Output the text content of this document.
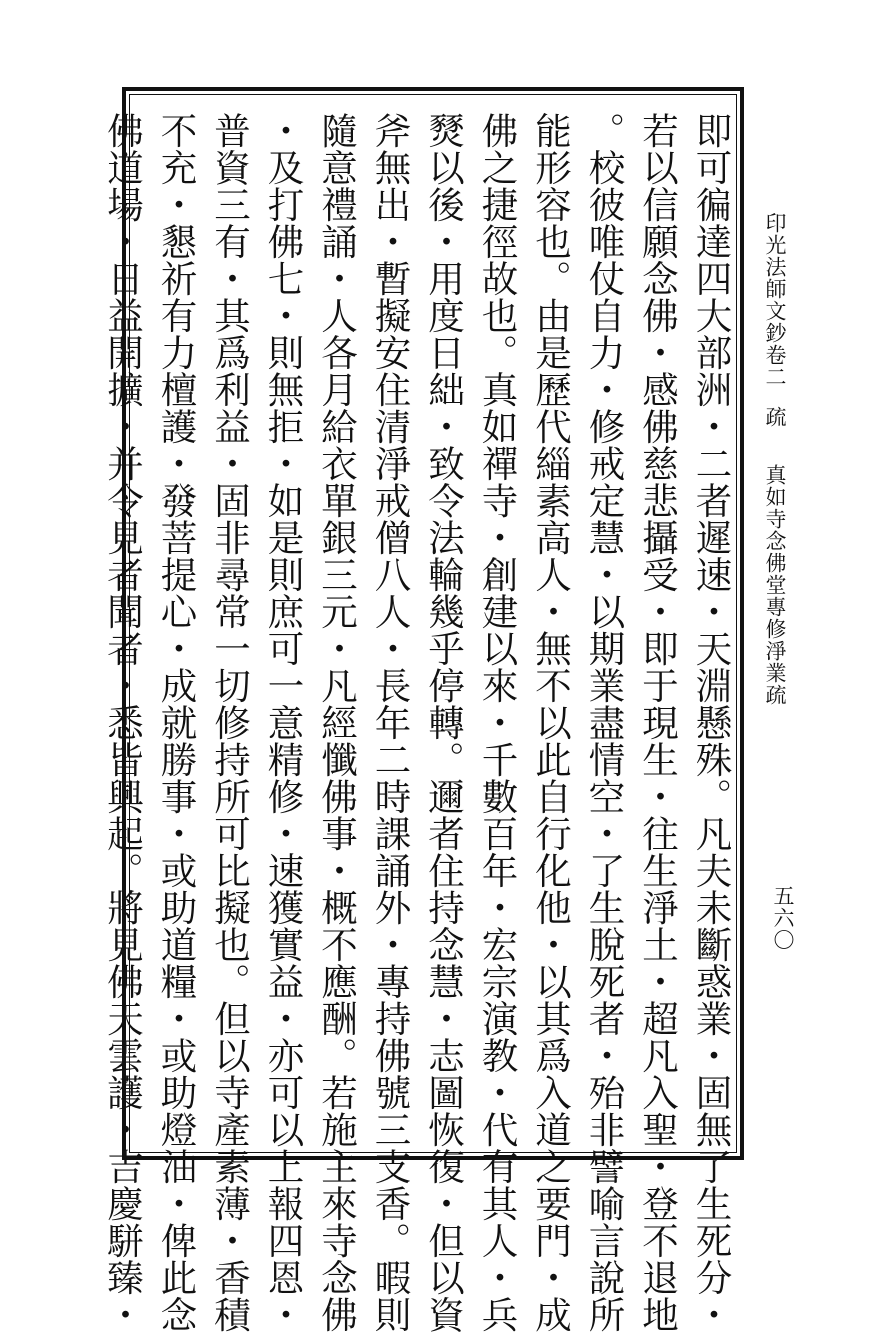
即可徧達四大部洲・二者遲速・天淵懸殊。凡夫未斷惑業・固無了生死分・
若以信願念佛・感佛慈悲攝受・即于現生・往生淨土・超凡入聖・登不退地
。校彼唯仗自力・修戒定慧・以期業盡情空・了生脫死者・殆非譬喻言說所
能形容也。由是歷代緇素高人・無不以此自行化他・以其爲入道之要門・成
佛之捷徑故也。真如禪寺・創建以來・千數百年・宏宗演教・代有其人・兵
燹以後・用度日絀・致令法輪幾乎停轉。邇者住持念慧・志圖恢復・但以資
斧無出・暫擬安住清淨戒僧八人・長年二時課誦外・專持佛號三支香。暇則
隨意禮誦・人各月給衣單銀三元・凡經懺佛事・概不應酬。若施主來寺念佛
・及打佛七・則無拒・如是則庶可一意精修・速獲實益・亦可以上報四恩・
普資三有・其爲利益・固非尋常一切修持所可比擬也。但以寺產素薄・香積
不充・懇祈有力檀護・發菩提心・成就勝事・或助道糧・或助燈油・俾此念
佛道場・日益開擴・并令見者聞者・悉皆興起。將見佛天雲護・吉慶駢臻・	印光法師文鈔卷二疏真如寺念佛堂專修淨業疏
五六〇
